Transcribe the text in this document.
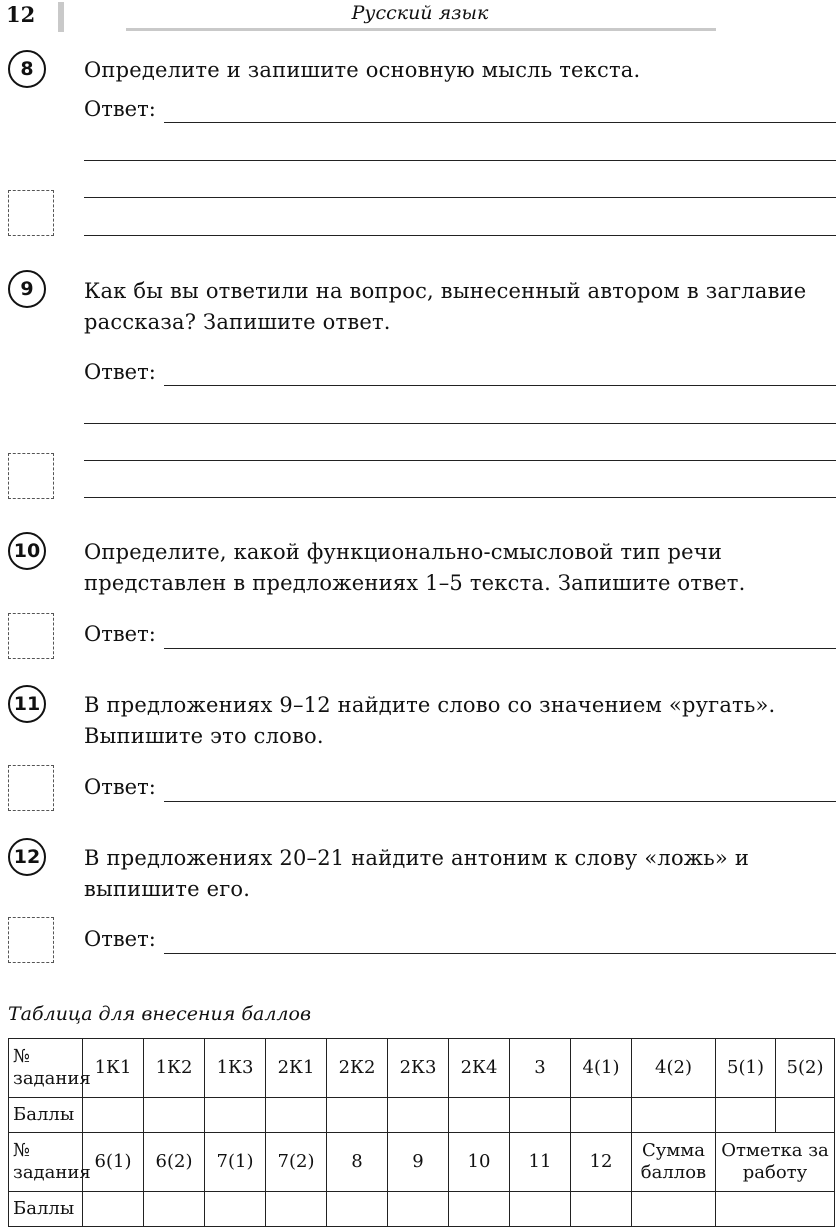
12	Русский язык
8	Определите и запишите основную мысль текста.
Ответ:
9	Как бы вы ответили на вопрос, вынесенный автором в заглавие рассказа? Запишите ответ.
Ответ:
10 Определите, какой функционально-смысловой тип речи представлен в предложениях 1–5 текста. Запишите ответ.
Ответ:
11 В предложениях 9–12 найдите слово со значением «ругать». Выпишите это слово.
Ответ:
12 В предложениях 20–21 найдите антоним к слову «ложь» и выпишите его.
Ответ:
Таблица для внесения баллов
№ задания	1К1	1К2	1К3	2К1	2К2	2К3	2К4	3	4(1)	4(2)	5(1)	5(2)
Баллы												
№ задания	6(1)	6(2)	7(1)	7(2)	8	9	10	11	12	Сумма баллов	Отметка за работу	
Баллы												
